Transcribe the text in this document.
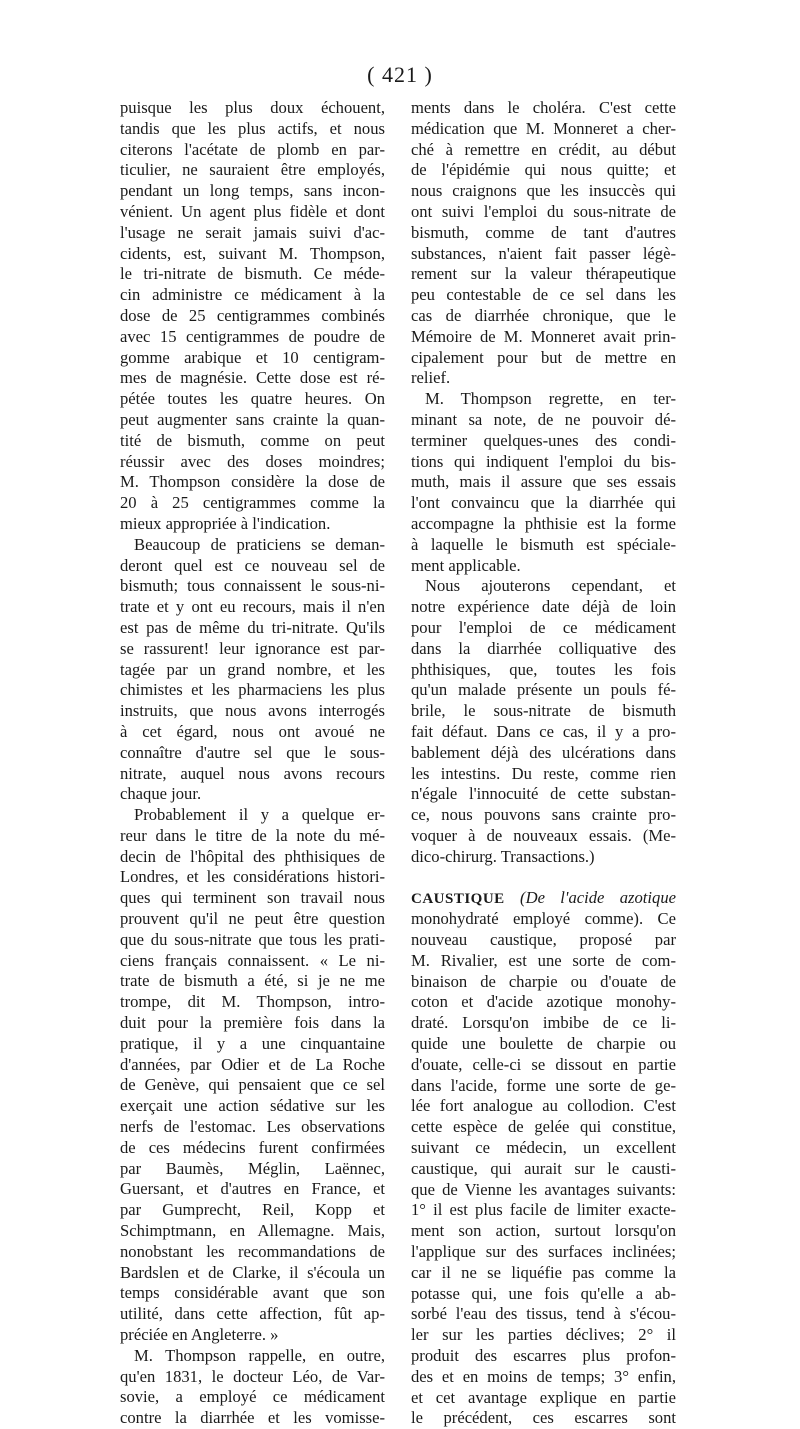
( 421 )
puisque les plus doux échouent,
tandis que les plus actifs, et nous
citerons l'acétate de plomb en par-
ticulier, ne sauraient être employés,
pendant un long temps, sans incon-
vénient. Un agent plus fidèle et dont
l'usage ne serait jamais suivi d'ac-
cidents, est, suivant M. Thompson,
le tri-nitrate de bismuth. Ce méde-
cin administre ce médicament à la
dose de 25 centigrammes combinés
avec 15 centigrammes de poudre de
gomme arabique et 10 centigram-
mes de magnésie. Cette dose est ré-
pétée toutes les quatre heures. On
peut augmenter sans crainte la quan-
tité de bismuth, comme on peut
réussir avec des doses moindres;
M. Thompson considère la dose de
20 à 25 centigrammes comme la
mieux appropriée à l'indication.
Beaucoup de praticiens se deman-
deront quel est ce nouveau sel de
bismuth; tous connaissent le sous-ni-
trate et y ont eu recours, mais il n'en
est pas de même du tri-nitrate. Qu'ils
se rassurent! leur ignorance est par-
tagée par un grand nombre, et les
chimistes et les pharmaciens les plus
instruits, que nous avons interrogés
à cet égard, nous ont avoué ne
connaître d'autre sel que le sous-
nitrate, auquel nous avons recours
chaque jour.
Probablement il y a quelque er-
reur dans le titre de la note du mé-
decin de l'hôpital des phthisiques de
Londres, et les considérations histori-
ques qui terminent son travail nous
prouvent qu'il ne peut être question
que du sous-nitrate que tous les prati-
ciens français connaissent. « Le ni-
trate de bismuth a été, si je ne me
trompe, dit M. Thompson, intro-
duit pour la première fois dans la
pratique, il y a une cinquantaine
d'années, par Odier et de La Roche
de Genève, qui pensaient que ce sel
exerçait une action sédative sur les
nerfs de l'estomac. Les observations
de ces médecins furent confirmées
par Baumès, Méglin, Laënnec,
Guersant, et d'autres en France, et
par Gumprecht, Reil, Kopp et
Schimptmann, en Allemagne. Mais,
nonobstant les recommandations de
Bardslen et de Clarke, il s'écoula un
temps considérable avant que son
utilité, dans cette affection, fût ap-
préciée en Angleterre. »
M. Thompson rappelle, en outre,
qu'en 1831, le docteur Léo, de Var-
sovie, a employé ce médicament
contre la diarrhée et les vomisse-
ments dans le choléra. C'est cette
médication que M. Monneret a cher-
ché à remettre en crédit, au début
de l'épidémie qui nous quitte; et
nous craignons que les insuccès qui
ont suivi l'emploi du sous-nitrate de
bismuth, comme de tant d'autres
substances, n'aient fait passer légè-
rement sur la valeur thérapeutique
peu contestable de ce sel dans les
cas de diarrhée chronique, que le
Mémoire de M. Monneret avait prin-
cipalement pour but de mettre en
relief.
M. Thompson regrette, en ter-
minant sa note, de ne pouvoir dé-
terminer quelques-unes des condi-
tions qui indiquent l'emploi du bis-
muth, mais il assure que ses essais
l'ont convaincu que la diarrhée qui
accompagne la phthisie est la forme
à laquelle le bismuth est spéciale-
ment applicable.
Nous ajouterons cependant, et
notre expérience date déjà de loin
pour l'emploi de ce médicament
dans la diarrhée colliquative des
phthisiques, que, toutes les fois
qu'un malade présente un pouls fé-
brile, le sous-nitrate de bismuth
fait défaut. Dans ce cas, il y a pro-
bablement déjà des ulcérations dans
les intestins. Du reste, comme rien
n'égale l'innocuité de cette substan-
ce, nous pouvons sans crainte pro-
voquer à de nouveaux essais. (Me-
dico-chirurg. Transactions.)
CAUSTIQUE (De l'acide azotique
monohydraté employé comme). Ce
nouveau caustique, proposé par
M. Rivalier, est une sorte de com-
binaison de charpie ou d'ouate de
coton et d'acide azotique monohy-
draté. Lorsqu'on imbibe de ce li-
quide une boulette de charpie ou
d'ouate, celle-ci se dissout en partie
dans l'acide, forme une sorte de ge-
lée fort analogue au collodion. C'est
cette espèce de gelée qui constitue,
suivant ce médecin, un excellent
caustique, qui aurait sur le causti-
que de Vienne les avantages suivants:
1° il est plus facile de limiter exacte-
ment son action, surtout lorsqu'on
l'applique sur des surfaces inclinées;
car il ne se liquéfie pas comme la
potasse qui, une fois qu'elle a ab-
sorbé l'eau des tissus, tend à s'écou-
ler sur les parties déclives; 2° il
produit des escarres plus profon-
des et en moins de temps; 3° enfin,
et cet avantage explique en partie
le précédent, ces escarres sont
